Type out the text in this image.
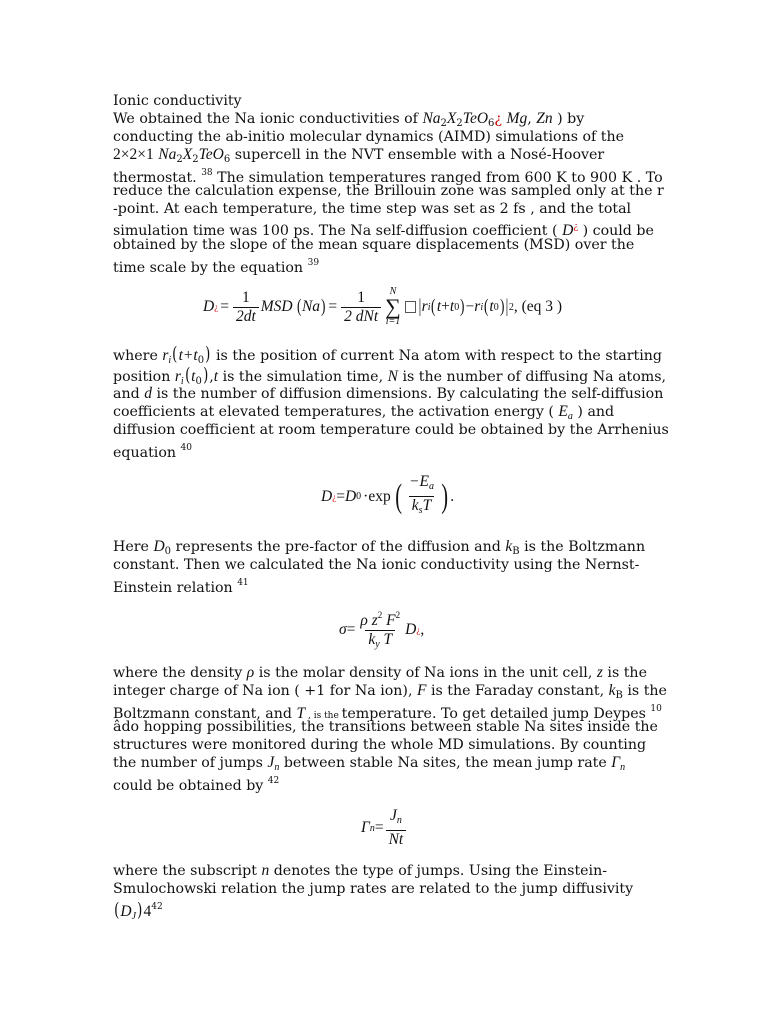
Ionic conductivity
We obtained the Na ionic conductivities of $Na_2X_2TeO_6¿$ Mg, Zn ) by
conducting the ab-initio molecular dynamics (AIMD) simulations of the
2×2×1 $Na_2X_2TeO_6$ supercell in the NVT ensemble with a Nosé-Hoover
thermostat. $^{38}$ The simulation temperatures ranged from 600 K to 900 K . To
reduce the calculation expense, the Brillouin zone was sampled only at the r
-point. At each temperature, the time step was set as 2 fs , and the total
simulation time was 100 ps. The Na self-diffusion coefficient ( D¿ ) could be
obtained by the slope of the mean square displacements (MSD) over the
time scale by the equation $^{39}$
D ¿ = $\frac{1}{2dt}$ MSD ( Na ) = $\frac{1}{\text{2 dNt}}$ N
∑
i=1
| r i ( t + t 0 ) − r i ( t 0 ) | 2 , (eq 3 )
where $r_i(t+t_0)$ is the position of current Na atom with respect to the starting
position $r_i(t_0),t$ is the simulation time, N is the number of diffusing Na atoms,
and d is the number of diffusion dimensions. By calculating the self-diffusion
coefficients at elevated temperatures, the activation energy ( $E_a$ ) and
diffusion coefficient at room temperature could be obtained by the Arrhenius
equation $^{40}$
D ¿ = D 0 ·exp ( $\frac{-E_a}{k_sT}$ ) .
Here $D_0$ represents the pre-factor of the diffusion and $k_B$ is the Boltzmann
constant. Then we calculated the Na ionic conductivity using the Nernst-
Einstein relation $^{41}$
$\sigma = \frac{\rho z^2 F^2}{k_y T}$ D ¿ ,
where the density ρ is the molar density of Na ions in the unit cell, z is the
integer charge of Na ion ( +1 for Na ion), F is the Faraday constant, $k_B$ is the
Boltzmann constant, and T , is the temperature. To get detailed jump Deypes $^{10}$
âdo hopping possibilities, the transitions between stable Na sites inside the
structures were monitored during the whole MD simulations. By counting
the number of jumps $J_n$ between stable Na sites, the mean jump rate $\Gamma_n$
could be obtained by $^{42}$
Γ $n = \frac{J_n}{Nt}$
where the subscript n denotes the type of jumps. Using the Einstein-
Smulochowski relation the jump rates are related to the jump diffusivity
$(D_J)4^{42}$
